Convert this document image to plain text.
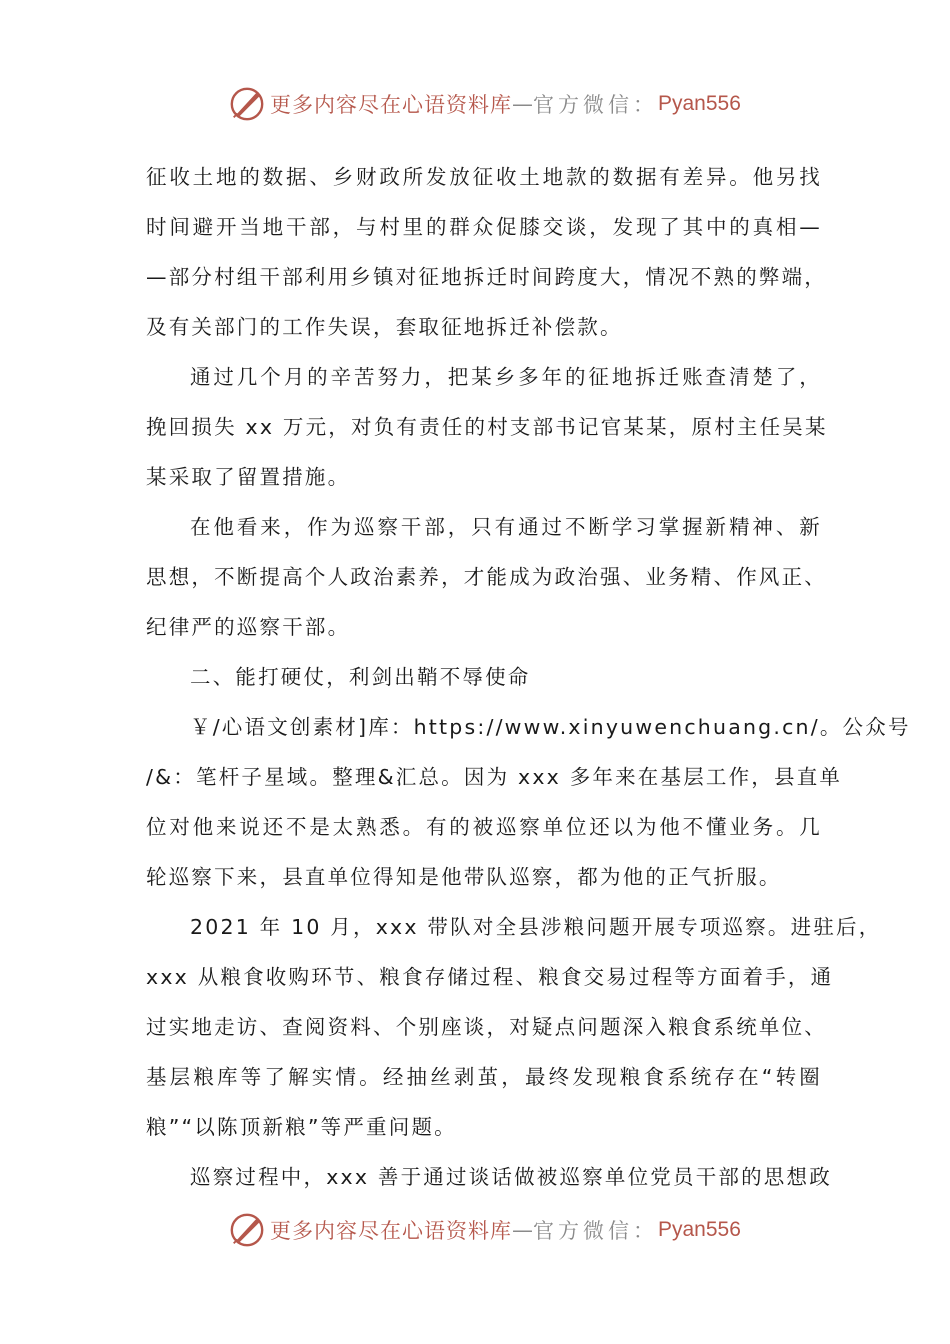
更多内容尽在心语资料库 — 官方微信： Pyan556
征收土地的数据、乡财政所发放征收土地款的数据有差异。他另找
时间避开当地干部，与村里的群众促膝交谈，发现了其中的真相—
—部分村组干部利用乡镇对征地拆迁时间跨度大，情况不熟的弊端，
及有关部门的工作失误，套取征地拆迁补偿款。
通过几个月的辛苦努力，把某乡多年的征地拆迁账查清楚了，
挽回损失 xx 万元，对负有责任的村支部书记官某某，原村主任吴某
某采取了留置措施。
在他看来，作为巡察干部，只有通过不断学习掌握新精神、新
思想，不断提高个人政治素养，才能成为政治强、业务精、作风正、
纪律严的巡察干部。
二、能打硬仗，利剑出鞘不辱使命
￥/心语文创素材]库：https://www.xinyuwenchuang.cn/。公众号
/&：笔杆子星域。整理&汇总。因为 xxx 多年来在基层工作，县直单
位对他来说还不是太熟悉。有的被巡察单位还以为他不懂业务。几
轮巡察下来，县直单位得知是他带队巡察，都为他的正气折服。
2021 年 10 月，xxx 带队对全县涉粮问题开展专项巡察。进驻后，
xxx 从粮食收购环节、粮食存储过程、粮食交易过程等方面着手，通
过实地走访、查阅资料、个别座谈，对疑点问题深入粮食系统单位、
基层粮库等了解实情。经抽丝剥茧，最终发现粮食系统存在“转圈
粮”“以陈顶新粮”等严重问题。
巡察过程中，xxx 善于通过谈话做被巡察单位党员干部的思想政
更多内容尽在心语资料库 — 官方微信： Pyan556
